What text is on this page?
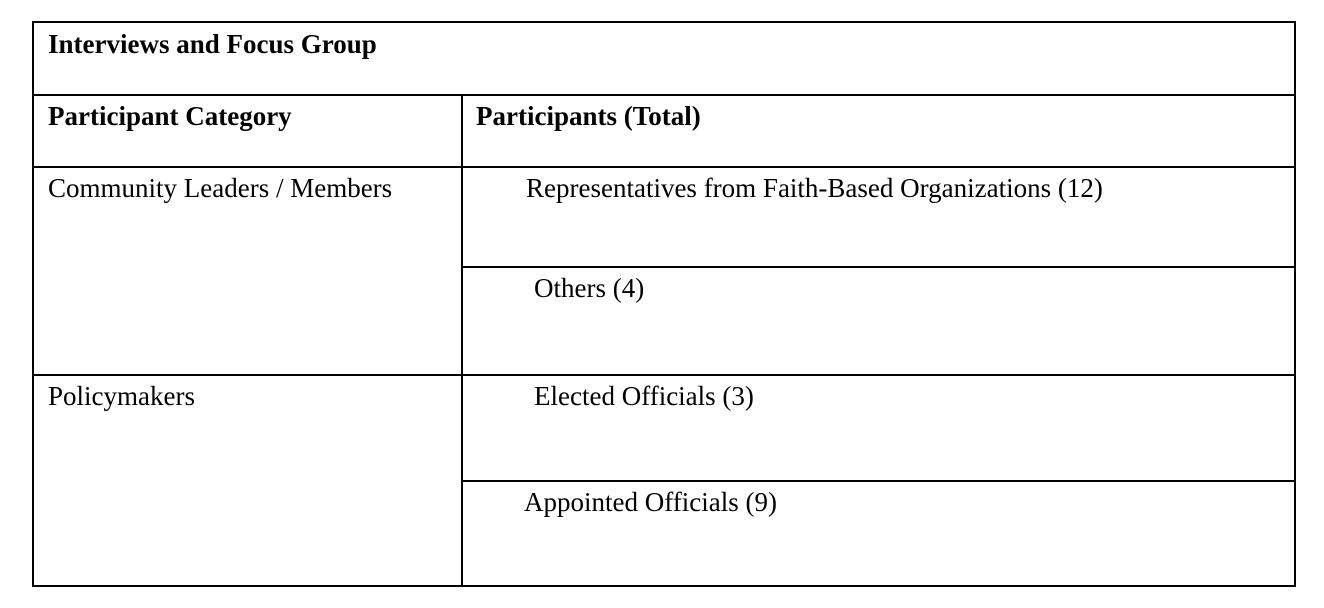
Interviews and Focus Group
Participant Category	Participants (Total)
Community Leaders / Members	Representatives from Faith-Based Organizations (12)
Others (4)
Policymakers	Elected Officials (3)
Appointed Officials (9)
